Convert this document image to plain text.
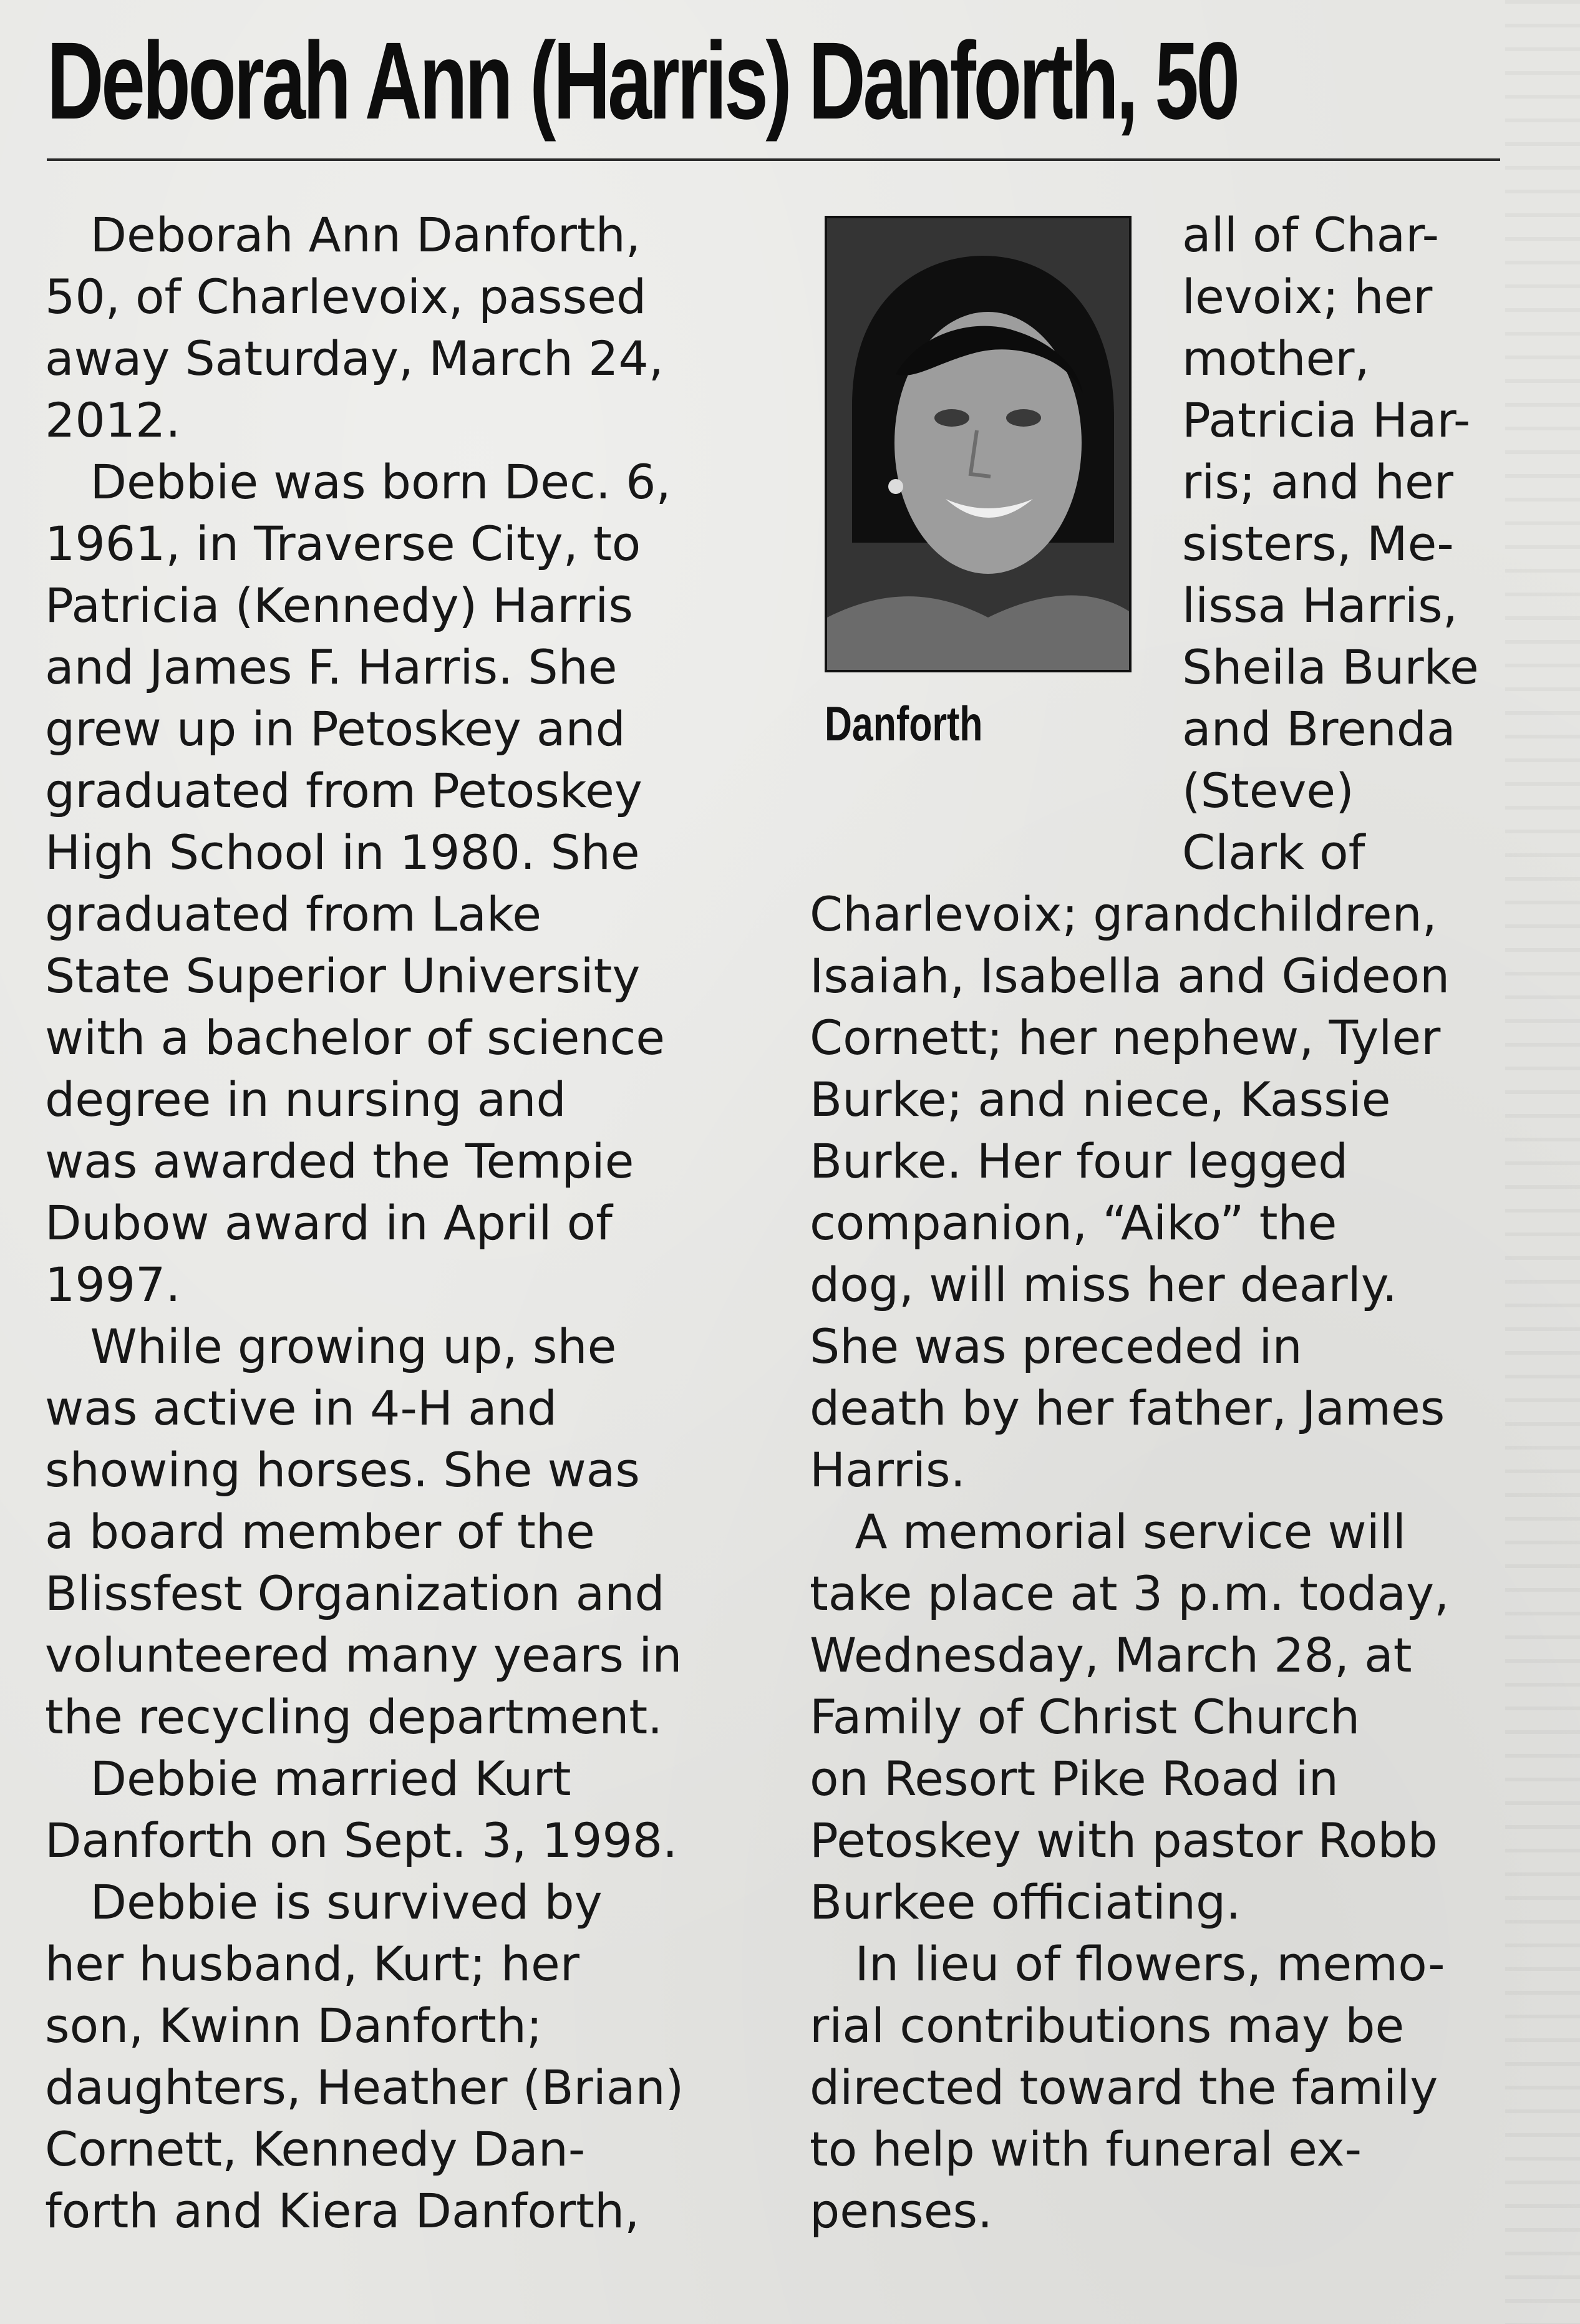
Deborah Ann (Harris) Danforth, 50
Deborah Ann Danforth,
50, of Charlevoix, passed
away Saturday, March 24,
2012.
Debbie was born Dec. 6,
1961, in Traverse City, to
Patricia (Kennedy) Harris
and James F. Harris. She
grew up in Petoskey and
graduated from Petoskey
High School in 1980. She
graduated from Lake
State Superior University
with a bachelor of science
degree in nursing and
was awarded the Tempie
Dubow award in April of
1997.
While growing up, she
was active in 4-H and
showing horses. She was
a board member of the
Blissfest Organization and
volunteered many years in
the recycling department.
Debbie married Kurt
Danforth on Sept. 3, 1998.
Debbie is survived by
her husband, Kurt; her
son, Kwinn Danforth;
daughters, Heather (Brian)
Cornett, Kennedy Dan-
forth and Kiera Danforth,
Danforth
all of Char-
levoix; her
mother,
Patricia Har-
ris; and her
sisters, Me-
lissa Harris,
Sheila Burke
and Brenda
(Steve)
Clark of
Charlevoix; grandchildren,
Isaiah, Isabella and Gideon
Cornett; her nephew, Tyler
Burke; and niece, Kassie
Burke. Her four legged
companion, “Aiko” the
dog, will miss her dearly.
She was preceded in
death by her father, James
Harris.
A memorial service will
take place at 3 p.m. today,
Wednesday, March 28, at
Family of Christ Church
on Resort Pike Road in
Petoskey with pastor Robb
Burkee officiating.
In lieu of flowers, memo-
rial contributions may be
directed toward the family
to help with funeral ex-
penses.
